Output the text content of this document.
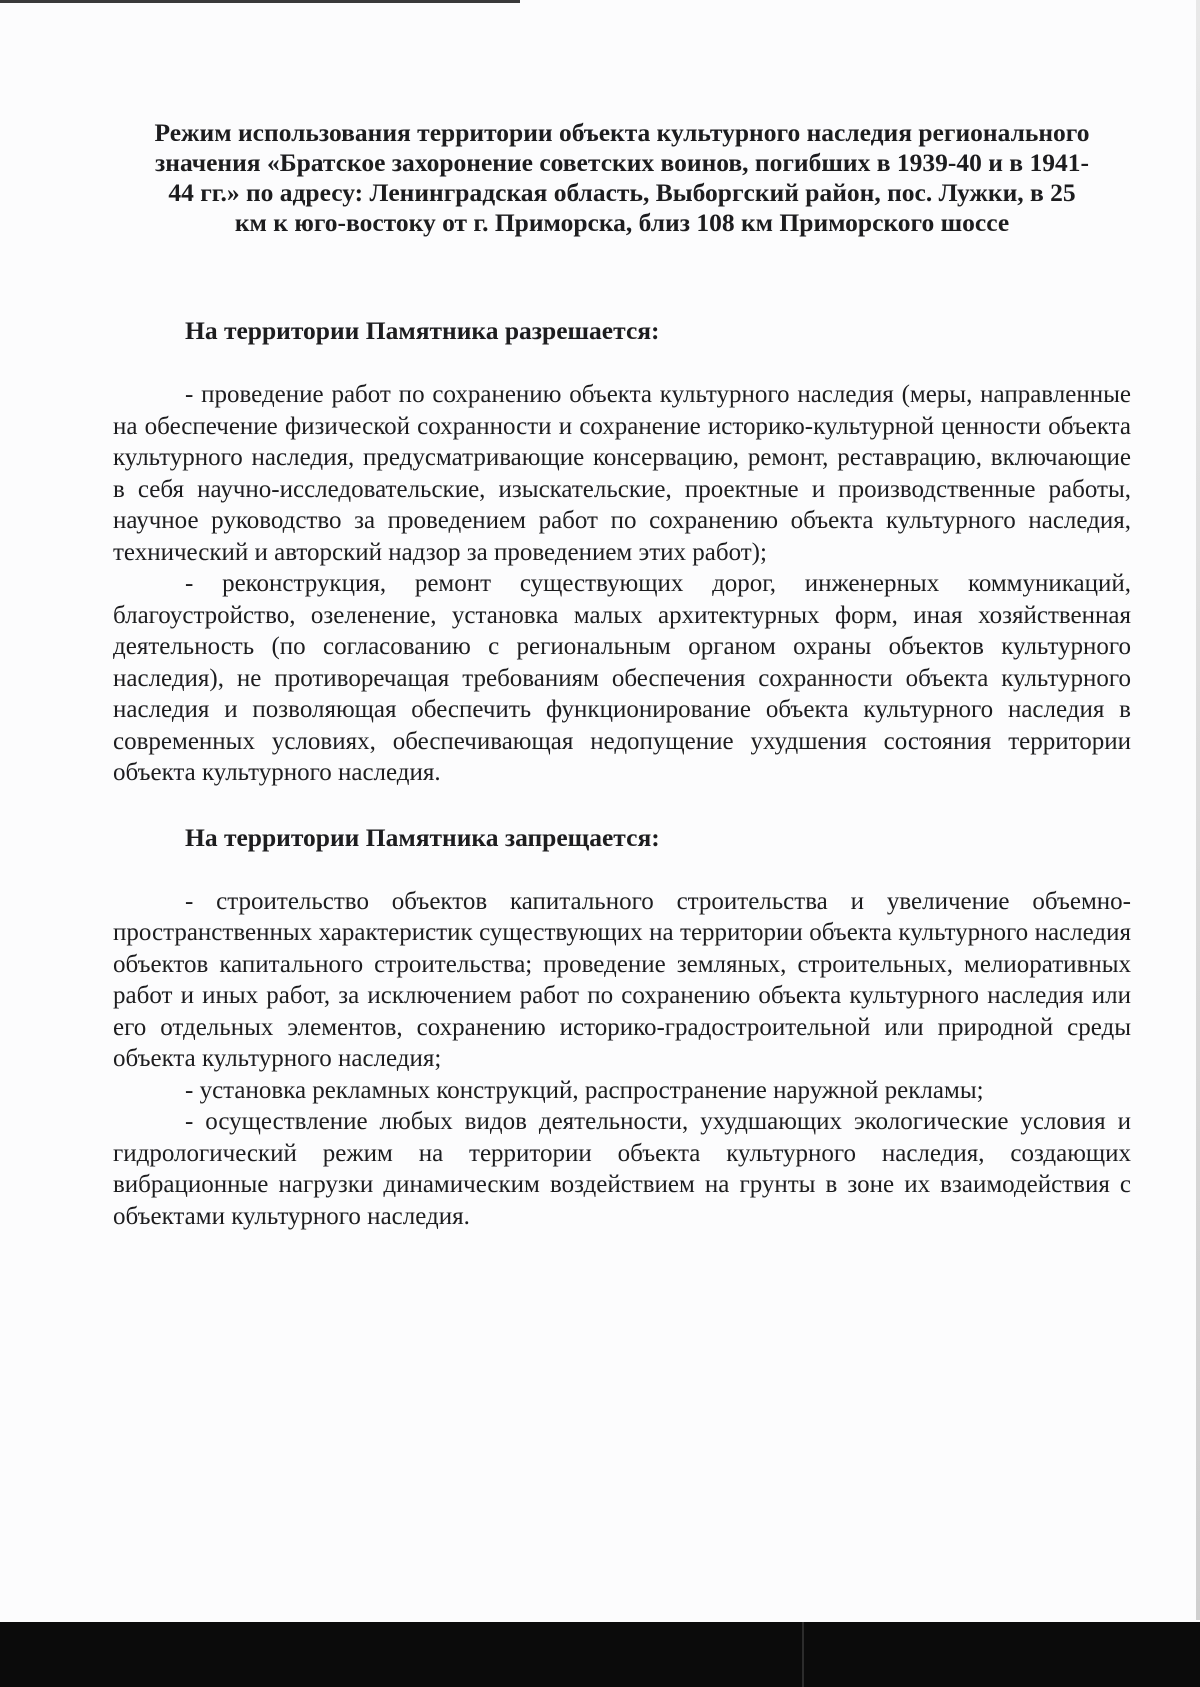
Режим использования территории объекта культурного наследия регионального значения «Братское захоронение советских воинов, погибших в 1939-40 и в 1941-44 гг.» по адресу: Ленинградская область, Выборгский район, пос. Лужки, в 25 км к юго-востоку от г. Приморска, близ 108 км Приморского шоссе
На территории Памятника разрешается:

- проведение работ по сохранению объекта культурного наследия (меры, направленные на обеспечение физической сохранности и сохранение историко-культурной ценности объекта культурного наследия, предусматривающие консервацию, ремонт, реставрацию, включающие в себя научно-исследовательские, изыскательские, проектные и производственные работы, научное руководство за проведением работ по сохранению объекта культурного наследия, технический и авторский надзор за проведением этих работ);

- реконструкция, ремонт существующих дорог, инженерных коммуникаций, благоустройство, озеленение, установка малых архитектурных форм, иная хозяйственная деятельность (по согласованию с региональным органом охраны объектов культурного наследия), не противоречащая требованиям обеспечения сохранности объекта культурного наследия и позволяющая обеспечить функционирование объекта культурного наследия в современных условиях, обеспечивающая недопущение ухудшения состояния территории объекта культурного наследия.

На территории Памятника запрещается:

- строительство объектов капитального строительства и увеличение объемно-пространственных характеристик существующих на территории объекта культурного наследия объектов капитального строительства; проведение земляных, строительных, мелиоративных работ и иных работ, за исключением работ по сохранению объекта культурного наследия или его отдельных элементов, сохранению историко-градостроительной или природной среды объекта культурного наследия;

- установка рекламных конструкций, распространение наружной рекламы;

- осуществление любых видов деятельности, ухудшающих экологические условия и гидрологический режим на территории объекта культурного наследия, создающих вибрационные нагрузки динамическим воздействием на грунты в зоне их взаимодействия с объектами культурного наследия.
